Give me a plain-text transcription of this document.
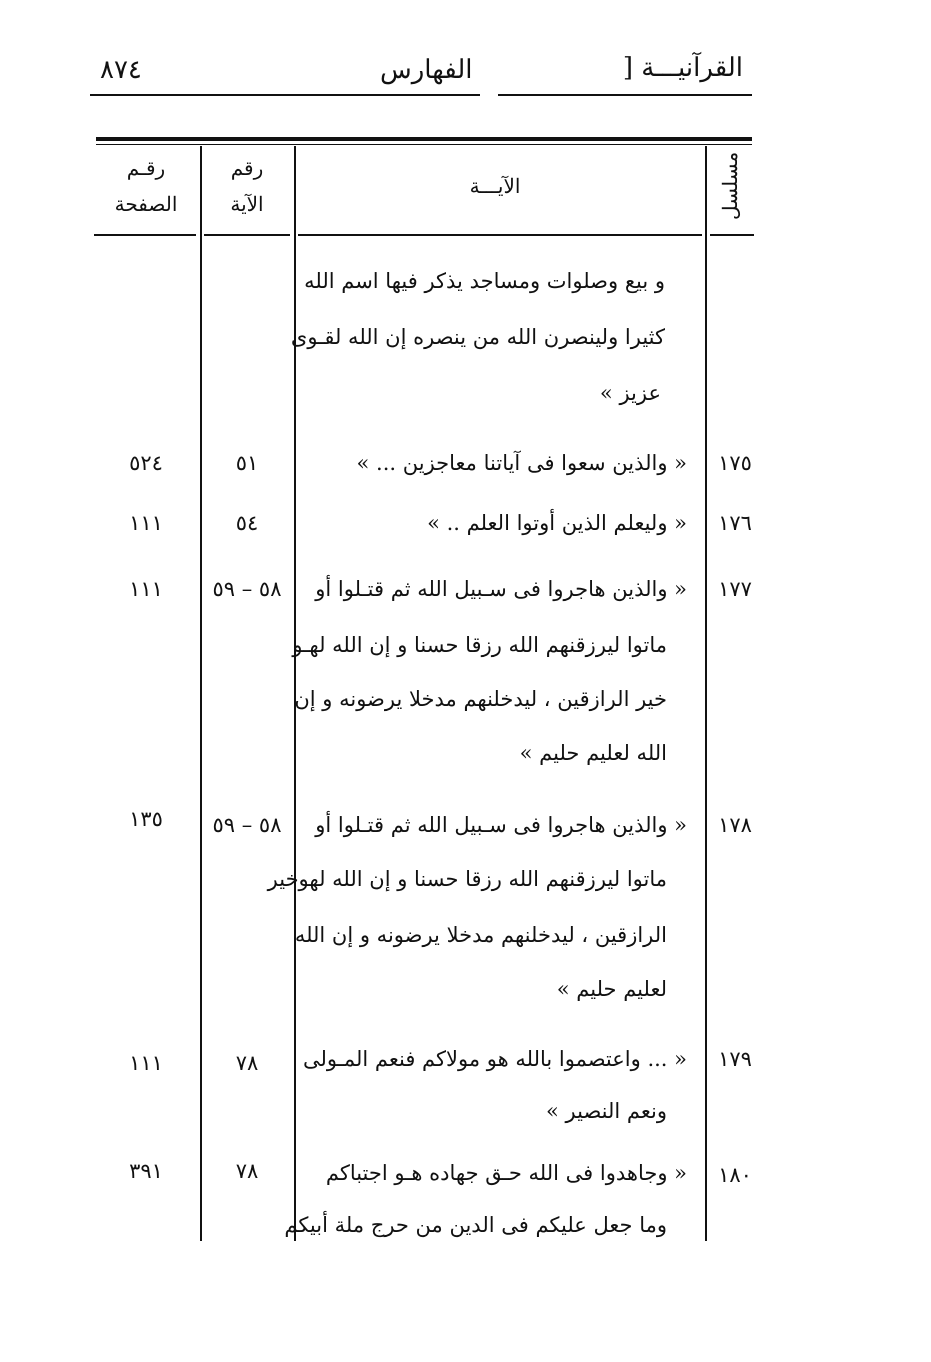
٨٧٤	الفهارس	القرآنيـــة [
مسلسل
الآيـــة
رقم
الآية
رقـم
الصفحة
و بيع وصلوات ومساجد يذكر فيها اسم الله
كثيرا ولينصرن الله من ينصره إن الله لقـوى
عزيز »
١٧٥
« والذين سعوا فى آياتنا معاجزين ... »
٥١
٥٢٤
١٧٦
« وليعلم الذين أوتوا العلم .. »
٥٤
١١١
١٧٧
« والذين هاجروا فى سـبيل الله ثم قتـلوا أو
ماتوا ليرزقنهم الله رزقا حسنا و إن الله لهـو
خير الرازقين ، ليدخلنهم مدخلا يرضونه و إن
الله لعليم حليم »
٥٨ – ٥٩
١١١
١٧٨
« والذين هاجروا فى سـبيل الله ثم قتـلوا أو
ماتوا ليرزقنهم الله رزقا حسنا و إن الله لهوخير
الرازقين ، ليدخلنهم مدخلا يرضونه و إن الله
لعليم حليم »
٥٨ – ٥٩
١٣٥
١٧٩
« ... واعتصموا بالله هو مولاكم فنعم المـولى
ونعم النصير »
٧٨
١١١
١٨٠
« وجاهدوا فى الله حـق جهاده هـو اجتباكم
وما جعل عليكم فى الدين من حرج ملة أبيكم
٧٨
٣٩١
